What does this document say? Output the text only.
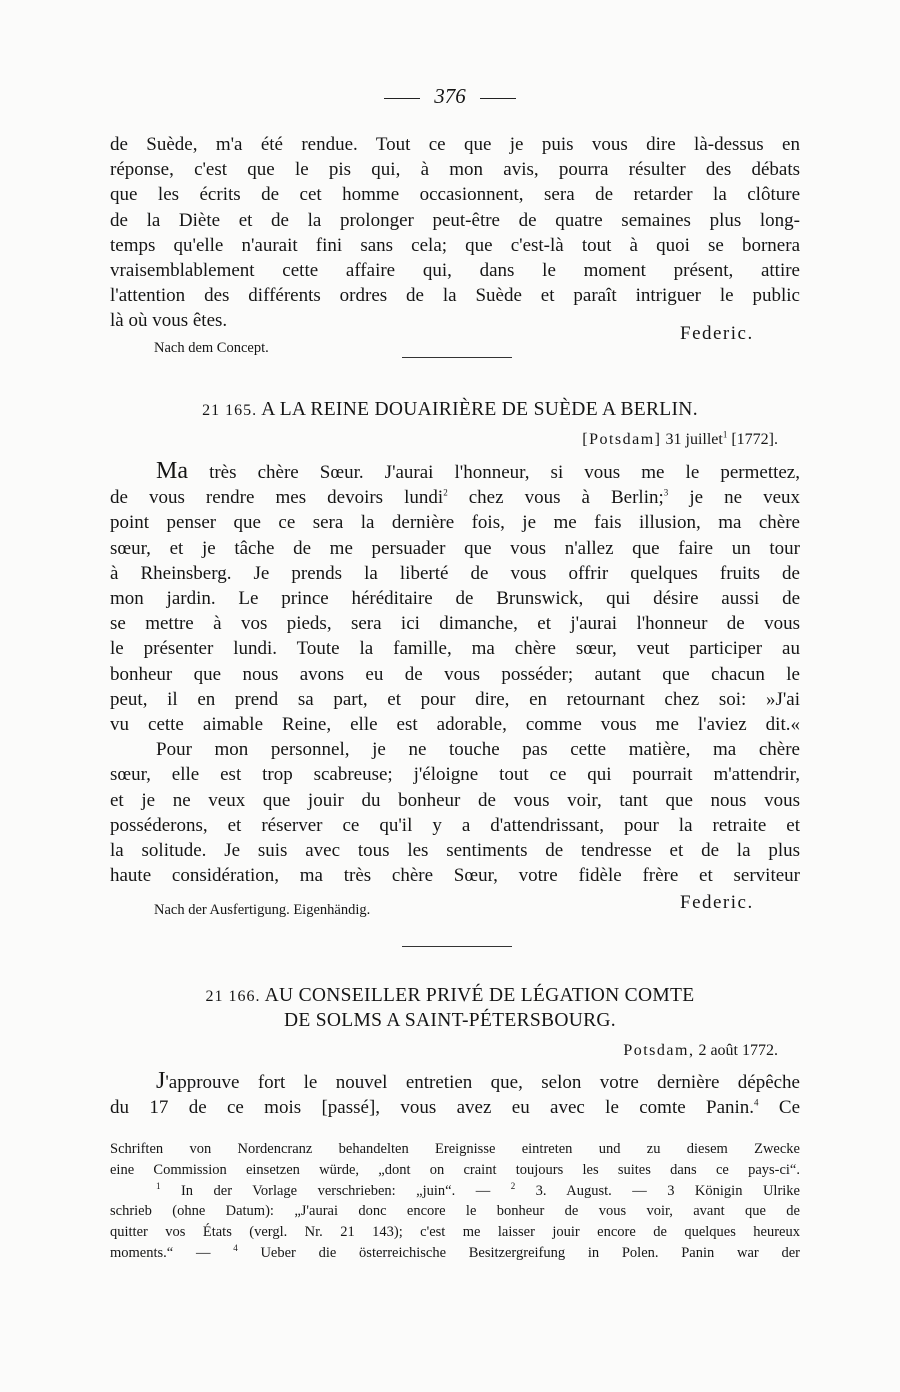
376

de Suède, m'a été rendue. Tout ce que je puis vous dire là-dessus en

réponse, c'est que le pis qui, à mon avis, pourra résulter des débats

que les écrits de cet homme occasionnent, sera de retarder la clôture

de la Diète et de la prolonger peut-être de quatre semaines plus long-

temps qu'elle n'aurait fini sans cela; que c'est-là tout à quoi se bornera

vraisemblablement cette affaire qui, dans le moment présent, attire

l'attention des différents ordres de la Suède et paraît intriguer le public

là où vous êtes.

Federic.
Nach dem Concept.
21 165. A LA REINE DOUAIRIÈRE DE SUÈDE A BERLIN.
[Potsdam] 31 juillet$^1$ [1772].

Ma très chère Sœur. J'aurai l'honneur, si vous me le permettez,

de vous rendre mes devoirs lundi$^2$ chez vous à Berlin;$^3$ je ne veux

point penser que ce sera la dernière fois, je me fais illusion, ma chère

sœur, et je tâche de me persuader que vous n'allez que faire un tour

à Rheinsberg. Je prends la liberté de vous offrir quelques fruits de

mon jardin. Le prince héréditaire de Brunswick, qui désire aussi de

se mettre à vos pieds, sera ici dimanche, et j'aurai l'honneur de vous

le présenter lundi. Toute la famille, ma chère sœur, veut participer au

bonheur que nous avons eu de vous posséder; autant que chacun le

peut, il en prend sa part, et pour dire, en retournant chez soi: »J'ai

vu cette aimable Reine, elle est adorable, comme vous me l'aviez dit.«

Pour mon personnel, je ne touche pas cette matière, ma chère

sœur, elle est trop scabreuse; j'éloigne tout ce qui pourrait m'attendrir,

et je ne veux que jouir du bonheur de vous voir, tant que nous vous

posséderons, et réserver ce qu'il y a d'attendrissant, pour la retraite et

la solitude. Je suis avec tous les sentiments de tendresse et de la plus

haute considération, ma très chère Sœur, votre fidèle frère et serviteur

Nach der Ausfertigung. Eigenhändig.	Federic.
21 166. AU CONSEILLER PRIVÉ DE LÉGATION COMTE
DE SOLMS A SAINT-PÉTERSBOURG.
Potsdam, 2 août 1772.

J'approuve fort le nouvel entretien que, selon votre dernière dépêche

du 17 de ce mois [passé], vous avez eu avec le comte Panin.$^4$ Ce

Schriften von Nordencranz behandelten Ereignisse eintreten und zu diesem Zwecke

eine Commission einsetzen würde, „dont on craint toujours les suites dans ce pays-ci“.

$^1$ In der Vorlage verschrieben: „juin“. — $^2$ 3. August. — 3 Königin Ulrike

schrieb (ohne Datum): „J'aurai donc encore le bonheur de vous voir, avant que de

quitter vos États (vergl. Nr. 21 143); c'est me laisser jouir encore de quelques heureux

moments.“ — $^4$ Ueber die österreichische Besitzergreifung in Polen. Panin war der
